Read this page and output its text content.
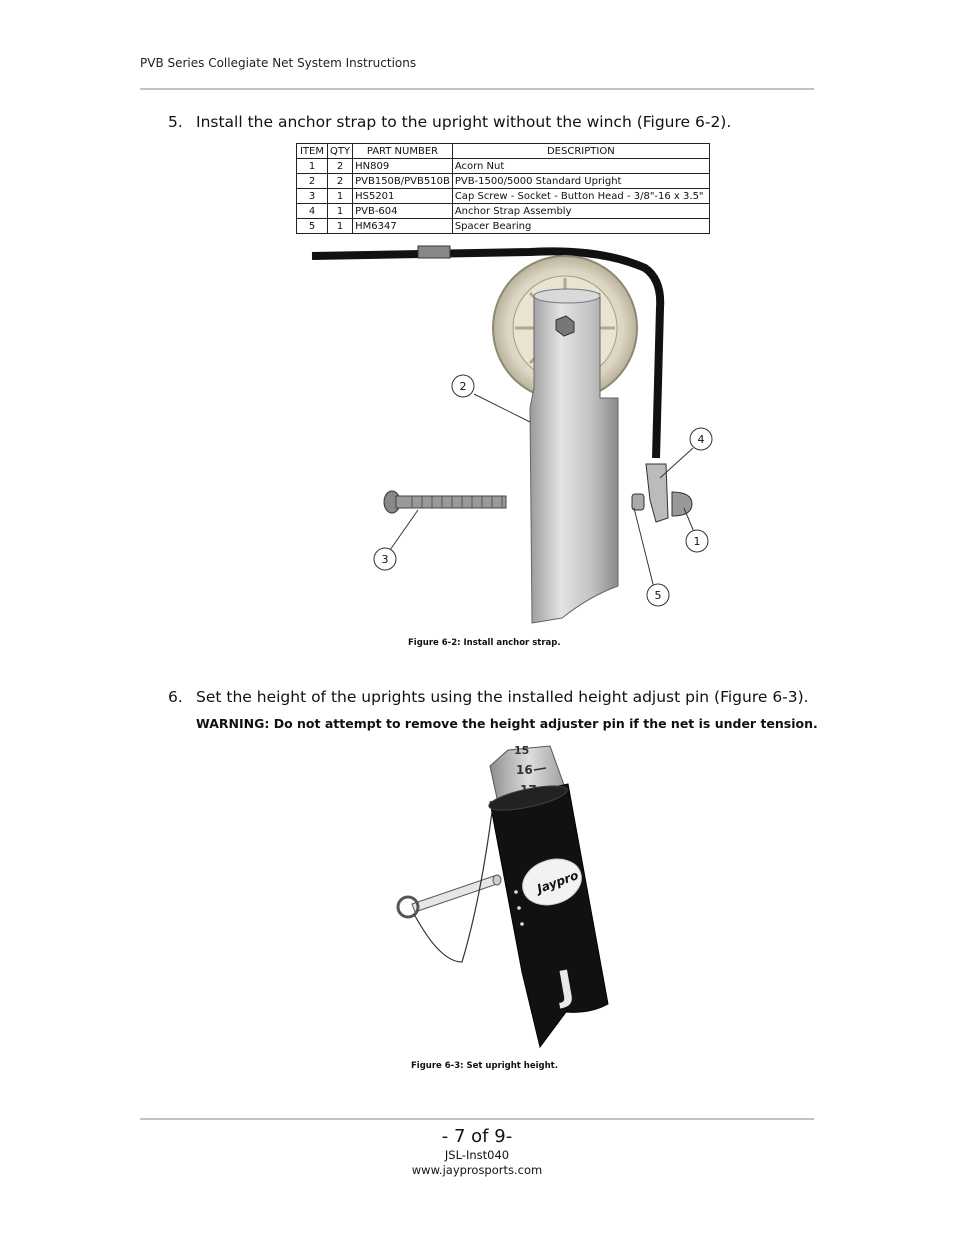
PVB Series Collegiate Net System Instructions
5. Install the anchor strap to the upright without the winch (Figure 6-2).
ITEM	QTY	PART NUMBER	DESCRIPTION
1	2	HN809	Acorn Nut
2	2	PVB150B/PVB510B	PVB-1500/5000 Standard Upright
3	1	HS5201	Cap Screw - Socket - Button Head - 3/8"-16 x 3.5"
4	1	PVB-604	Anchor Strap Assembly
5	1	HM6347	Spacer Bearing
2
4
1
3
5
Figure 6-2: Install anchor strap.
6. Set the height of the uprights using the installed height adjust pin (Figure 6-3).
WARNING: Do not attempt to remove the height adjuster pin if the net is under tension.
15
16
Jaypro
J
Figure 6-3: Set upright height.
- 7 of 9-
JSL-Inst040
www.jayprosports.com
